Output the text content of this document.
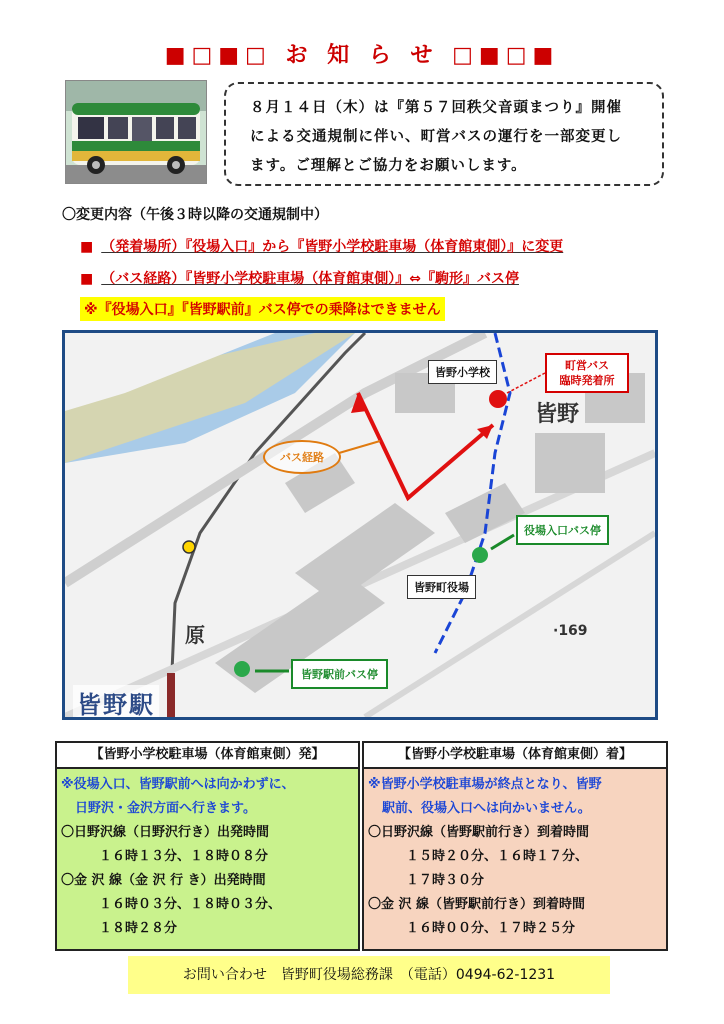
■□■□ お 知 ら せ □■□■

８月１４日（木）は『第５７回秩父音頭まつり』開催

による交通規制に伴い、町営バスの運行を一部変更し

ます。ご理解とご協力をお願いします。

〇変更内容（午後３時以降の交通規制中）
■ （発着場所）『役場入口』から『皆野小学校駐車場（体育館東側）』に変更
■ （バス経路）『皆野小学校駐車場（体育館東側）』⇔『駒形』バス停
※『役場入口』『皆野駅前』バス停での乗降はできません
皆野小学校
町営バス
臨時発着所
バス経路
役場入口バス停
皆野町役場
皆野駅前バス停
皆野駅
原
皆野
·169
【皆野小学校駐車場（体育館東側）発】
※役場入口、皆野駅前へは向かわずに、
日野沢・金沢方面へ行きます。
〇日野沢線（日野沢行き）出発時間
１６時１３分、１８時０８分
〇金 沢 線（金 沢 行 き）出発時間
１６時０３分、１８時０３分、
１８時２８分
【皆野小学校駐車場（体育館東側）着】
※皆野小学校駐車場が終点となり、皆野
駅前、役場入口へは向かいません。
〇日野沢線（皆野駅前行き）到着時間
１５時２０分、１６時１７分、
１７時３０分
〇金 沢 線（皆野駅前行き）到着時間
１６時００分、１７時２５分
お問い合わせ　皆野町役場総務課　（電話）0494-62-1231
